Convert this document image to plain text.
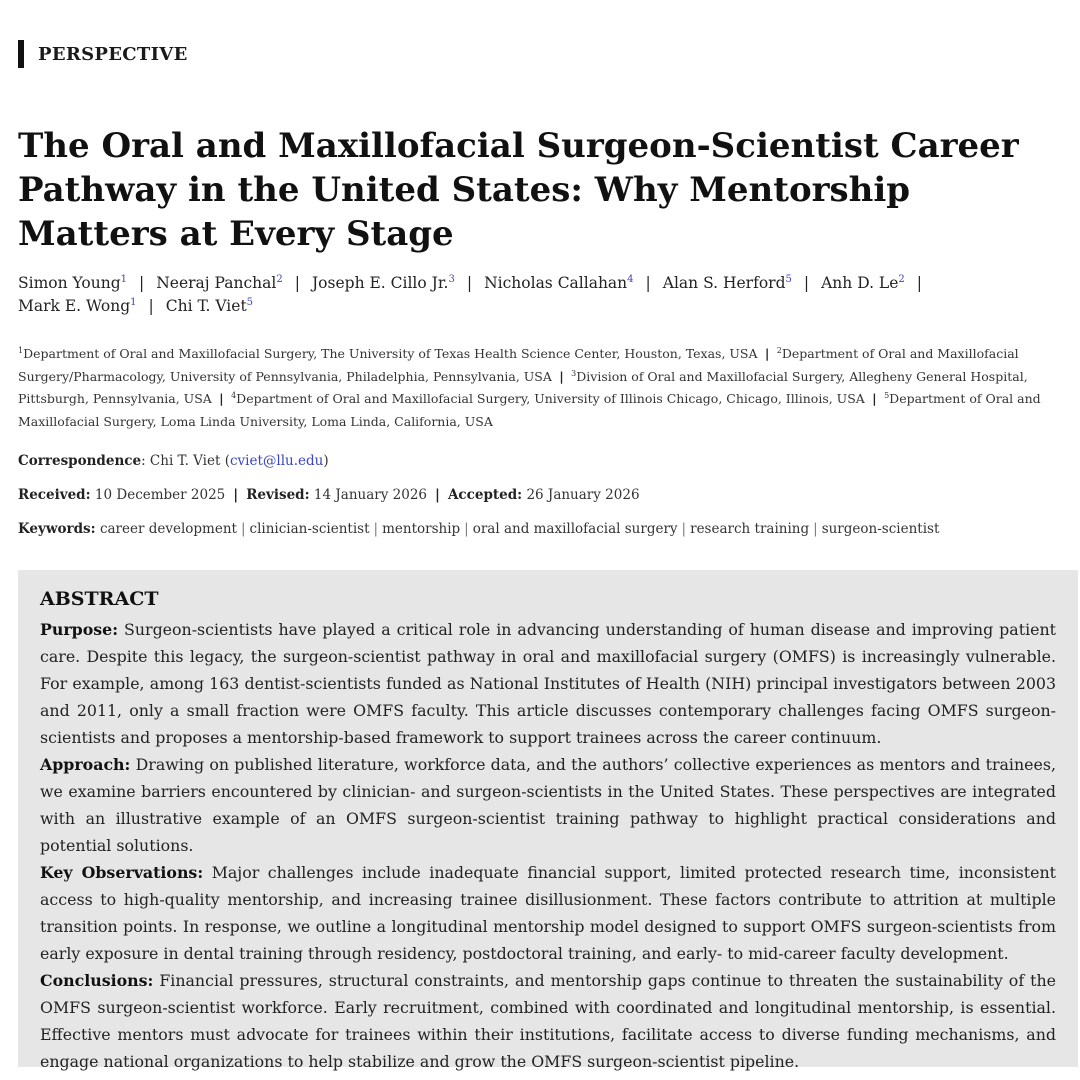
PERSPECTIVE
The Oral and Maxillofacial Surgeon-Scientist Career Pathway in the United States: Why Mentorship Matters at Every Stage
Simon Young$^1$ | Neeraj Panchal$^2$ | Joseph E. Cillo Jr.$^3$ | Nicholas Callahan$^4$ | Alan S. Herford$^5$ | Anh D. Le$^2$ |
Mark E. Wong$^1$ | Chi T. Viet$^5$
$^1$Department of Oral and Maxillofacial Surgery, The University of Texas Health Science Center, Houston, Texas, USA | $^2$Department of Oral and Maxillofacial Surgery/Pharmacology, University of Pennsylvania, Philadelphia, Pennsylvania, USA | $^3$Division of Oral and Maxillofacial Surgery, Allegheny General Hospital, Pittsburgh, Pennsylvania, USA | $^4$Department of Oral and Maxillofacial Surgery, University of Illinois Chicago, Chicago, Illinois, USA | $^5$Department of Oral and Maxillofacial Surgery, Loma Linda University, Loma Linda, California, USA
Correspondence: Chi T. Viet (cviet@llu.edu)
Received: 10 December 2025 | Revised: 14 January 2026 | Accepted: 26 January 2026
Keywords: career development | clinician-scientist | mentorship | oral and maxillofacial surgery | research training | surgeon-scientist
ABSTRACT

Purpose: Surgeon-scientists have played a critical role in advancing understanding of human disease and improving patient care. Despite this legacy, the surgeon-scientist pathway in oral and maxillofacial surgery (OMFS) is increasingly vulnerable. For example, among 163 dentist-scientists funded as National Institutes of Health (NIH) principal investigators between 2003 and 2011, only a small fraction were OMFS faculty. This article discusses contemporary challenges facing OMFS surgeon-scientists and proposes a mentorship-based framework to support trainees across the career continuum.

Approach: Drawing on published literature, workforce data, and the authors’ collective experiences as mentors and trainees, we examine barriers encountered by clinician- and surgeon-scientists in the United States. These perspectives are integrated with an illustrative example of an OMFS surgeon-scientist training pathway to highlight practical considerations and potential solutions.

Key Observations: Major challenges include inadequate financial support, limited protected research time, inconsistent access to high-quality mentorship, and increasing trainee disillusionment. These factors contribute to attrition at multiple transition points. In response, we outline a longitudinal mentorship model designed to support OMFS surgeon-scientists from early exposure in dental training through residency, postdoctoral training, and early- to mid-career faculty development.

Conclusions: Financial pressures, structural constraints, and mentorship gaps continue to threaten the sustainability of the OMFS surgeon-scientist workforce. Early recruitment, combined with coordinated and longitudinal mentorship, is essential. Effective mentors must advocate for trainees within their institutions, facilitate access to diverse funding mechanisms, and engage national organizations to help stabilize and grow the OMFS surgeon-scientist pipeline.
